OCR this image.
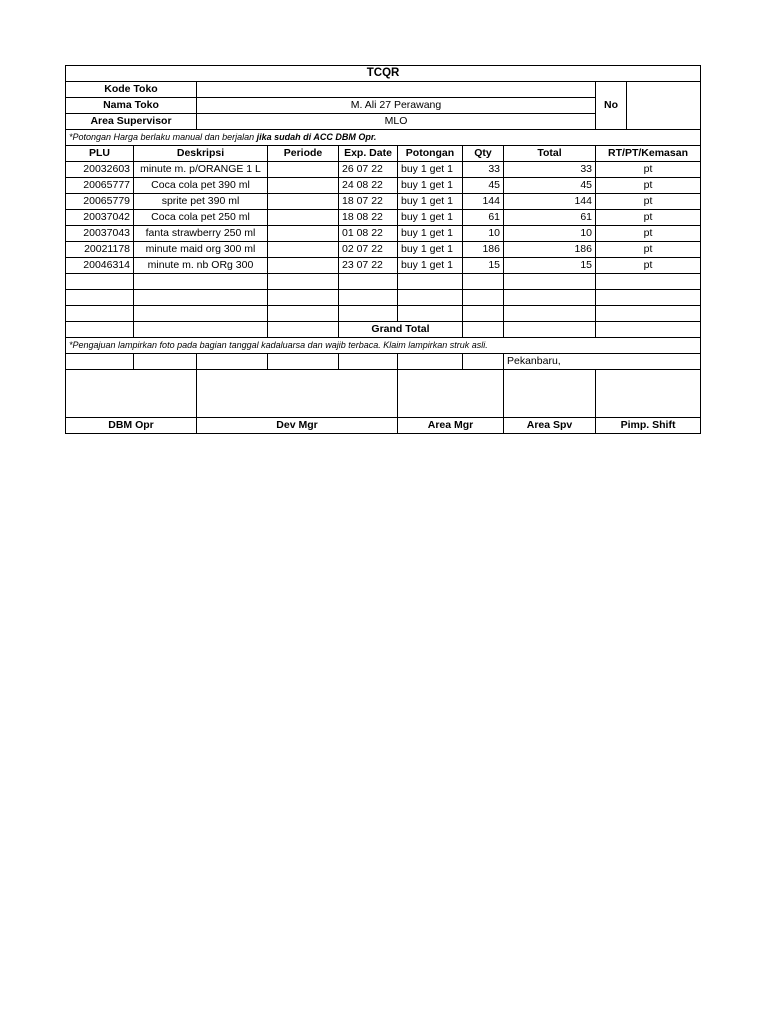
TCQR									
Kode Toko								No	
Nama Toko		M. Ali 27 Perawang							
Area Supervisor		MLO							
*Potongan Harga berlaku manual dan berjalan jika sudah di ACC DBM Opr.									
PLU	Deskripsi		Periode	Exp. Date	Potongan	Qty	Total	RT/PT/Kemasan	
20032603	minute m. p/ORANGE 1 L			26 07 22	buy 1 get 1	33	33	pt	
20065777	Coca cola pet 390 ml			24 08 22	buy 1 get 1	45	45	pt	
20065779	sprite pet 390 ml			18 07 22	buy 1 get 1	144	144	pt	
20037042	Coca cola pet 250 ml			18 08 22	buy 1 get 1	61	61	pt	
20037043	fanta strawberry 250 ml			01 08 22	buy 1 get 1	10	10	pt	
20021178	minute maid org 300 ml			02 07 22	buy 1 get 1	186	186	pt	
20046314	minute m. nb ORg 300			23 07 22	buy 1 get 1	15	15	pt	

				Grand Total					
*Pengajuan lampirkan foto pada bagian tanggal kadaluarsa dan wajib terbaca. Klaim lampirkan struk asli.									
							Pekanbaru,		

DBM Opr		Dev Mgr			Area Mgr		Area Spv	Pimp. Shift	
